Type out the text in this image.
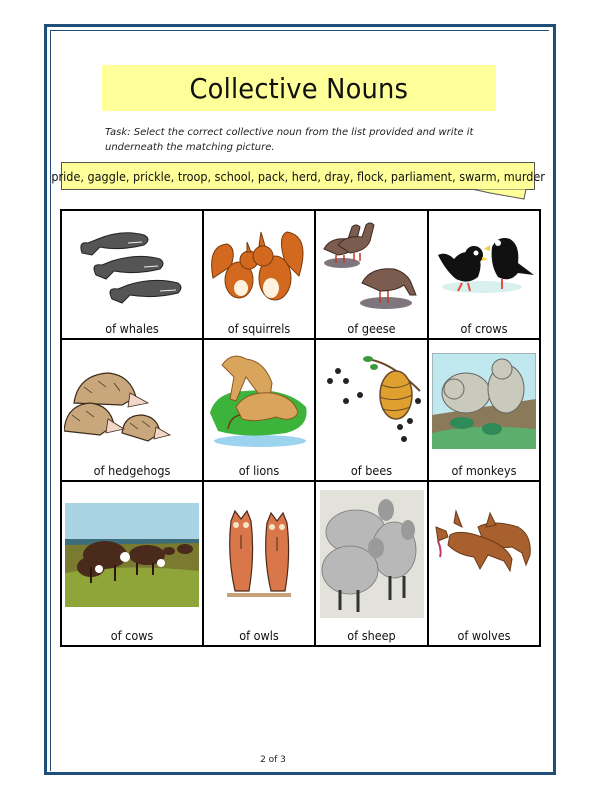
Collective Nouns
Task: Select the correct collective noun from the list provided and write it underneath the matching picture.
pride, gaggle, prickle, troop, school, pack, herd, dray, flock, parliament, swarm, murder
of whales	of squirrels	of geese	of crows
of hedgehogs	of lions	of bees	of monkeys
of cows	of owls	of sheep	of wolves
2 of 3
